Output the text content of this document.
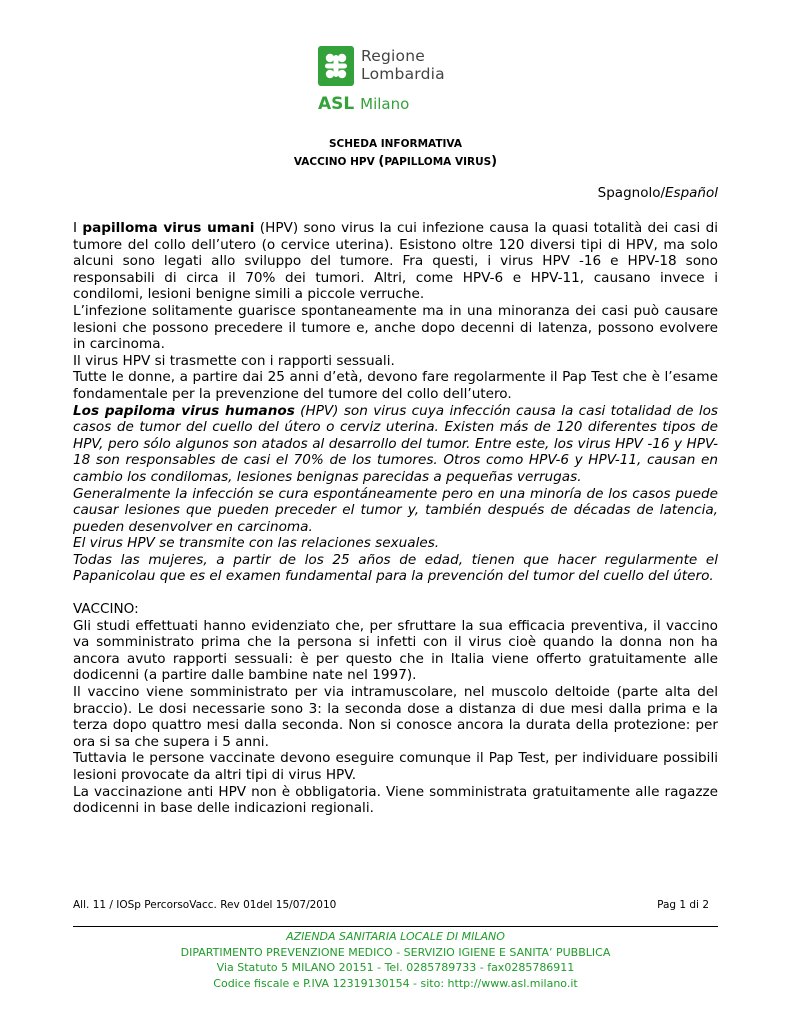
Regione
Lombardia
ASL Milano
SCHEDA INFORMATIVA
VACCINO HPV (PAPILLOMA VIRUS)
Spagnolo/Español

I papilloma virus umani (HPV) sono virus la cui infezione causa la quasi totalità dei casi di tumore del collo dell’utero (o cervice uterina). Esistono oltre 120 diversi tipi di HPV, ma solo alcuni sono legati allo sviluppo del tumore. Fra questi, i virus HPV -16 e HPV-18 sono responsabili di circa il 70% dei tumori. Altri, come HPV-6 e HPV-11, causano invece i condilomi, lesioni benigne simili a piccole verruche.

L’infezione solitamente guarisce spontaneamente ma in una minoranza dei casi può causare lesioni che possono precedere il tumore e, anche dopo decenni di latenza, possono evolvere in carcinoma.

Il virus HPV si trasmette con i rapporti sessuali.

Tutte le donne, a partire dai 25 anni d’età, devono fare regolarmente il Pap Test che è l’esame fondamentale per la prevenzione del tumore del collo dell’utero.

Los papiloma virus humanos (HPV) son virus cuya infección causa la casi totalidad de los casos de tumor del cuello del útero o cerviz uterina. Existen más de 120 diferentes tipos de HPV, pero sólo algunos son atados al desarrollo del tumor. Entre este, los virus HPV -16 y HPV-18 son responsables de casi el 70% de los tumores. Otros como HPV-6 y HPV-11, causan en cambio los condilomas, lesiones benignas parecidas a pequeñas verrugas.

Generalmente la infección se cura espontáneamente pero en una minoría de los casos puede causar lesiones que pueden preceder el tumor y, también después de décadas de latencia, pueden desenvolver en carcinoma.

El virus HPV se transmite con las relaciones sexuales.

Todas las mujeres, a partir de los 25 años de edad, tienen que hacer regularmente el Papanicolau que es el examen fundamental para la prevención del tumor del cuello del útero.

VACCINO:

Gli studi effettuati hanno evidenziato che, per sfruttare la sua efficacia preventiva, il vaccino va somministrato prima che la persona si infetti con il virus cioè quando la donna non ha ancora avuto rapporti sessuali: è per questo che in Italia viene offerto gratuitamente alle dodicenni (a partire dalle bambine nate nel 1997).

Il vaccino viene somministrato per via intramuscolare, nel muscolo deltoide (parte alta del braccio). Le dosi necessarie sono 3: la seconda dose a distanza di due mesi dalla prima e la terza dopo quattro mesi dalla seconda. Non si conosce ancora la durata della protezione: per ora si sa che supera i 5 anni.

Tuttavia le persone vaccinate devono eseguire comunque il Pap Test, per individuare possibili lesioni provocate da altri tipi di virus HPV.

La vaccinazione anti HPV non è obbligatoria. Viene somministrata gratuitamente alle ragazze dodicenni in base delle indicazioni regionali.

All. 11 / IOSp PercorsoVacc. Rev 01del 15/07/2010	Pag 1 di 2
AZIENDA SANITARIA LOCALE DI MILANO
DIPARTIMENTO PREVENZIONE MEDICO - SERVIZIO IGIENE E SANITA’ PUBBLICA
Via Statuto 5 MILANO 20151 - Tel. 0285789733 - fax0285786911
Codice fiscale e P.IVA 12319130154 - sito: http://www.asl.milano.it
